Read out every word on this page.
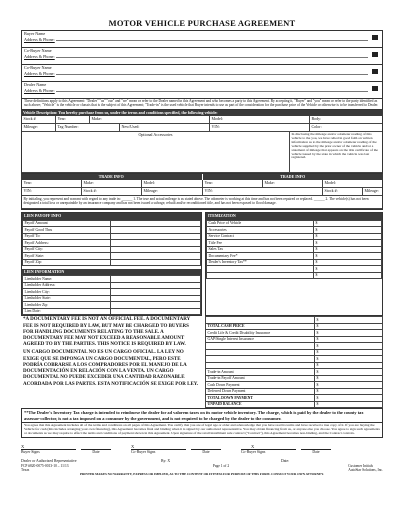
MOTOR VEHICLE PURCHASE AGREEMENT
Buyer Name
Address & Phone:
Co-Buyer Name
Address & Phone:
Co-Buyer Name
Address & Phone:
Dealer Name
Address & Phone:
These definitions apply to this Agreement: "Dealer" "us" "our" and "we" mean or refer to the Dealer named in this Agreement and who becomes a party to this Agreement. By accepting it, "Buyer" and "you" mean or refer to the party identified as such above; "Vehicle" is the vehicle or chassis that is the subject of this Agreement; "Trade-in" is the used vehicle that Buyer intends to use as part of the consideration for the purchase price of the Vehicle or otherwise is to be transferred to Dealer.
Vehicle Description: You hereby purchase from us, under the terms and conditions specified, the following vehicle:
Stock #	Year:	Make:	Model:	Body:
Mileage:	Tag Number:	New/Used:	VIN:	Color:
Optional Accessories	In disclosing the mileage and/or odometer reading of this vehicle to the you, we have relied in good faith on written information as to the mileage and/or odometer reading of the vehicle supplied by the prior owner of the vehicle and/or a statement of mileage that appears on the title certificate of the vehicle issued by the state in which the vehicle was last registered.
TRADE INFO	TRADE INFO
Year:	Make:	Model:	Year:	Make:	Model:
VIN:	Stock #:	Mileage:	VIN:	Stock #:	Mileage:
By initialing, you represent and warrant with regard to any trade in: ______ 1. The true and actual mileage is as stated above. The odometer is working at this time and has not been repaired or replaced. ______ 2. The vehicle(s) has not been designated a total loss or unrepairable by an insurance company and has not been issued a salvage, rebuilt and/or reconditioned title, and has not been exposed to flood damage.
LIEN PAYOFF INFO
Payoff Amount	
Payoff Good Thru	
Payoff To:	
Payoff Address:	
Payoff City:	
Payoff State:	
Payoff Zip:	
LIEN INFORMATION
Lienholder Name:	
Lienholder Address:	
Lienholder City:	
Lienholder State:	
Lienholder Zip	
Lien Date:	
ITEMIZATION
Cash Price of Vehicle	$
Accessories	$
Service Contract	$
Title Fee	$
Sales Tax	$
Documentary Fee*	$
Dealer's Inventory Tax**	$
	$
	$
*A DOCUMENTARY FEE IS NOT AN OFFICIAL FEE. A DOCUMENTARY FEE IS NOT REQUIRED BY LAW, BUT MAY BE CHARGED TO BUYERS FOR HANDLING DOCUMENTS RELATING TO THE SALE. A DOCUMENTARY FEE MAY NOT EXCEED A REASONABLE AMOUNT AGREED TO BY THE PARTIES. THIS NOTICE IS REQUIRED BY LAW.
UN CARGO DOCUMENTAL NO ES UN CARGO OFICIAL. LA LEY NO EXIGE QUE SE IMPONGA UN CARGO DOCUMENTAL, PERO ESTE PODRÍA COBRARSE A LOS COMPRADORES POR EL MANEJO DE LA DOCUMENTACIÓN EN RELACIÓN CON LA VENTA. UN CARGO DOCUMENTAL NO PUEDE EXCEDER UNA CANTIDAD RAZONABLE ACORDADA POR LAS PARTES. ESTA NOTIFICACIÓN SE EXIGE POR LEY.
	$
TOTAL CASH PRICE	$
Credit Life & Credit Disability Insurance	$
GAP/Single Interest Insurance	$
	$
	$
	$
	$
Trade-in Amount	$
Trade-in Payoff Amount	$
Cash Down Payment	$
Deferred Down Payment	$
TOTAL DOWN PAYMENT	$
UNPAID BALANCE	$
**The Dealer's Inventory Tax charge is intended to reimburse the dealer for ad valorem taxes on its motor vehicle inventory. The charge, which is paid by the dealer to the county tax assessor-collector, is not a tax imposed on a consumer by the government, and is not required to be charged by the dealer to the consumer.
You agree that this Agreement includes all of the terms and conditions on all pages of this Agreement. You certify that you are of legal age or older and acknowledge that you have read its terms and have received a true copy of it. If you are buying the Vehicle for cash (this includes arranging your own financing), this Agreement becomes final and binding when it is signed by our authorized representative. You may obtain financing from us, or anyone else you choose. You agree to sign such agreements or documents as we may require to effect the terms and conditions of payment shown in this Agreement. Upon signature of the retail installment sale contract ("Contract"), this Agreement becomes non-binding, and the Contract controls.
X	X	X
Buyer Signs	Date	Co-Buyer Signs	Date	Co-Buyer Signs	Date
Dealer or Authorized Representative	By: X	Date:
FCP #820-0075-0013-10 – 11/13	Page 1 of 2	Customer Initials
Texas	AutoStar Solutions, Inc.
PRINTER MAKES NO WARRANTY, EXPRESS OR IMPLIED, AS TO THE CONTENT OR FITNESS FOR PURPOSE OF THIS FORM. CONSULT YOUR OWN ATTORNEY.
